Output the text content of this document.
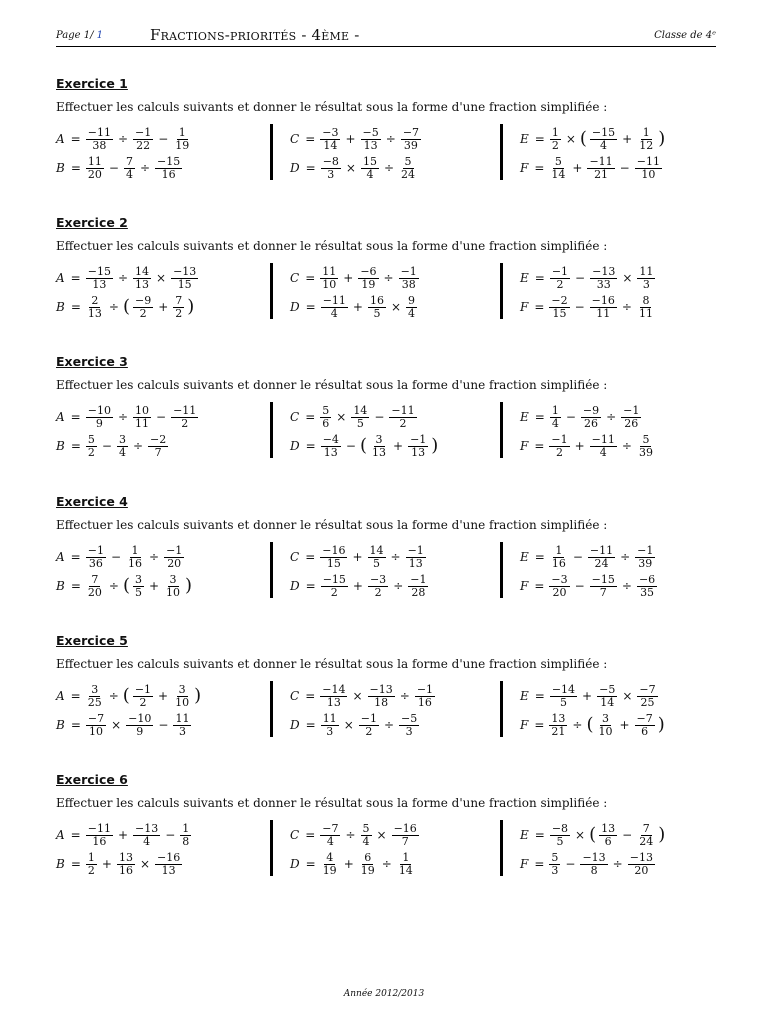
Page 1/ 1	Fractions-priorités - 4ème -	Classe de 4ᵉ
Exercice 1
Effectuer les calculs suivants et donner le résultat sous la forme d'une fraction simplifiée :
$A = \frac{-11}{38} \div \frac{-1}{22} - \frac{1}{19}$
$B = \frac{11}{20} - \frac{7}{4} \div \frac{-15}{16}$
$C = \frac{-3}{14} + \frac{-5}{13} \div \frac{-7}{39}$
$D = \frac{-8}{3} \times \frac{15}{4} \div \frac{5}{24}$
$E = \frac{1}{2}$ × ( $\frac{-15}{4} + \frac{1}{12}$ )
$F = \frac{5}{14} + \frac{-11}{21} - \frac{-11}{10}$
Exercice 2
Effectuer les calculs suivants et donner le résultat sous la forme d'une fraction simplifiée :
$A = \frac{-15}{13} \div \frac{14}{13} \times \frac{-13}{15}$
$B = \frac{2}{13}$ ÷ ( $\frac{-9}{2} + \frac{7}{2}$ )
$C = \frac{11}{10} + \frac{-6}{19} \div \frac{-1}{38}$
$D = \frac{-11}{4} + \frac{16}{5} \times \frac{9}{4}$
$E = \frac{-1}{2} - \frac{-13}{33} \times \frac{11}{3}$
$F = \frac{-2}{15} - \frac{-16}{11} \div \frac{8}{11}$
Exercice 3
Effectuer les calculs suivants et donner le résultat sous la forme d'une fraction simplifiée :
$A = \frac{-10}{9} \div \frac{10}{11} - \frac{-11}{2}$
$B = \frac{5}{2} - \frac{3}{4} \div \frac{-2}{7}$
$C = \frac{5}{6} \times \frac{14}{5} - \frac{-11}{2}$
$D = \frac{-4}{13}$ − ( $\frac{3}{13} + \frac{-1}{13}$ )
$E = \frac{1}{4} - \frac{-9}{26} \div \frac{-1}{26}$
$F = \frac{-1}{2} + \frac{-11}{4} \div \frac{5}{39}$
Exercice 4
Effectuer les calculs suivants et donner le résultat sous la forme d'une fraction simplifiée :
$A = \frac{-1}{36} - \frac{1}{16} \div \frac{-1}{20}$
$B = \frac{7}{20}$ ÷ ( $\frac{3}{5} + \frac{3}{10}$ )
$C = \frac{-16}{15} + \frac{14}{5} \div \frac{-1}{13}$
$D = \frac{-15}{2} + \frac{-3}{2} \div \frac{-1}{28}$
$E = \frac{1}{16} - \frac{-11}{24} \div \frac{-1}{39}$
$F = \frac{-3}{20} - \frac{-15}{7} \div \frac{-6}{35}$
Exercice 5
Effectuer les calculs suivants et donner le résultat sous la forme d'une fraction simplifiée :
$A = \frac{3}{25}$ ÷ ( $\frac{-1}{2} + \frac{3}{10}$ )
$B = \frac{-7}{10} \times \frac{-10}{9} - \frac{11}{3}$
$C = \frac{-14}{13} \times \frac{-13}{18} \div \frac{-1}{16}$
$D = \frac{11}{3} \times \frac{-1}{2} \div \frac{-5}{3}$
$E = \frac{-14}{5} + \frac{-5}{14} \times \frac{-7}{25}$
$F = \frac{13}{21}$ ÷ ( $\frac{3}{10} + \frac{-7}{6}$ )
Exercice 6
Effectuer les calculs suivants et donner le résultat sous la forme d'une fraction simplifiée :
$A = \frac{-11}{16} + \frac{-13}{4} - \frac{1}{8}$
$B = \frac{1}{2} + \frac{13}{16} \times \frac{-16}{13}$
$C = \frac{-7}{4} \div \frac{5}{4} \times \frac{-16}{7}$
$D = \frac{4}{19} + \frac{6}{19} \div \frac{1}{14}$
$E = \frac{-8}{5}$ × ( $\frac{13}{6} - \frac{7}{24}$ )
$F = \frac{5}{3} - \frac{-13}{8} \div \frac{-13}{20}$
Année 2012/2013
